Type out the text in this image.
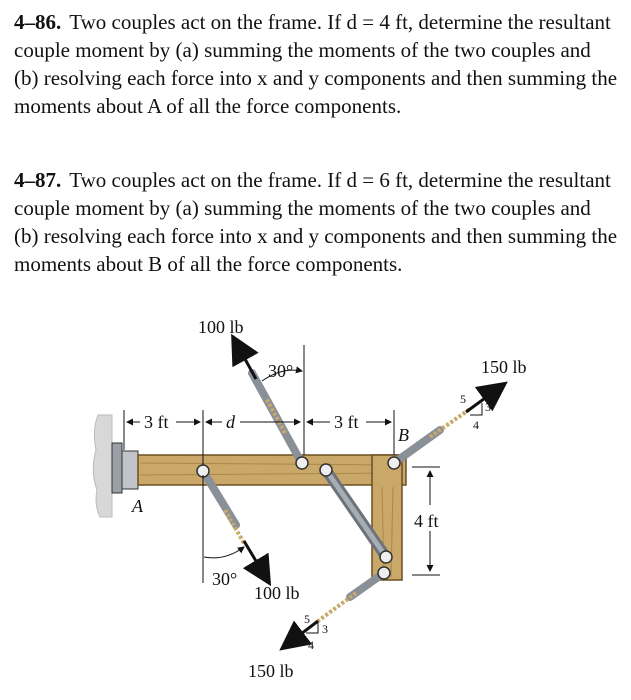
4–86. Two couples act on the frame. If d = 4 ft, determine the resultant couple moment by (a) summing the moments of the two couples and (b) resolving each force into x and y components and then summing the moments about A of all the force components.

4–87. Two couples act on the frame. If d = 6 ft, determine the resultant couple moment by (a) summing the moments of the two couples and (b) resolving each force into x and y components and then summing the moments about B of all the force components.

3 ft	d	3 ft
4 ft
30°
30°
100 lb
100 lb
150 lb
150 lb
5
3
4
5
3
4
A
B
